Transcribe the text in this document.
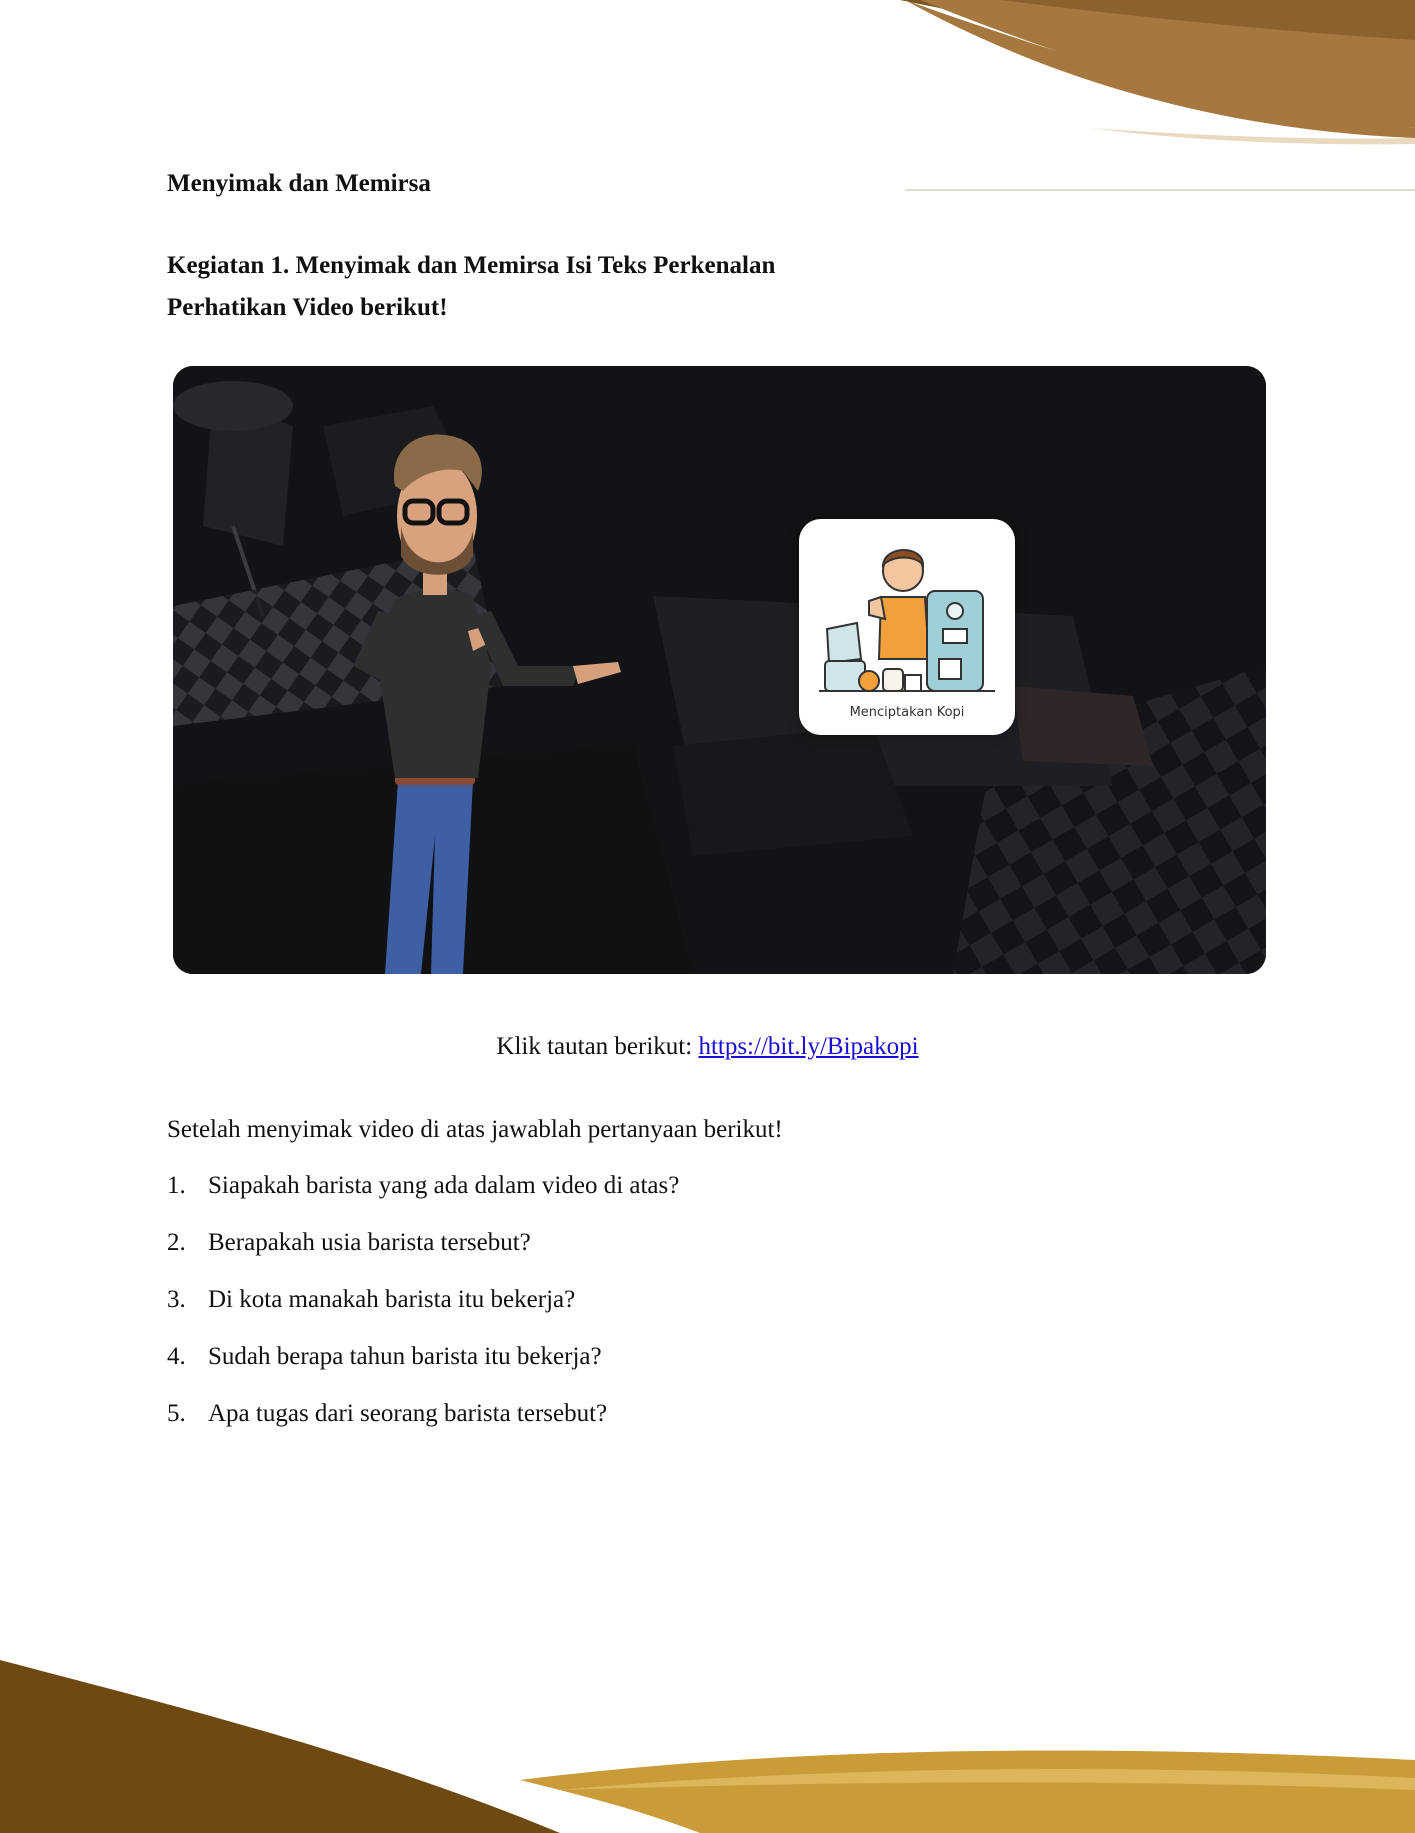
Menyimak dan Memirsa
Kegiatan 1. Menyimak dan Memirsa Isi Teks Perkenalan
Perhatikan Video berikut!
Menciptakan Kopi
Klik tautan berikut: https://bit.ly/Bipakopi

Setelah menyimak video di atas jawablah pertanyaan berikut!

1. Siapakah barista yang ada dalam video di atas?
2. Berapakah usia barista tersebut?
3. Di kota manakah barista itu bekerja?
4. Sudah berapa tahun barista itu bekerja?
5. Apa tugas dari seorang barista tersebut?
